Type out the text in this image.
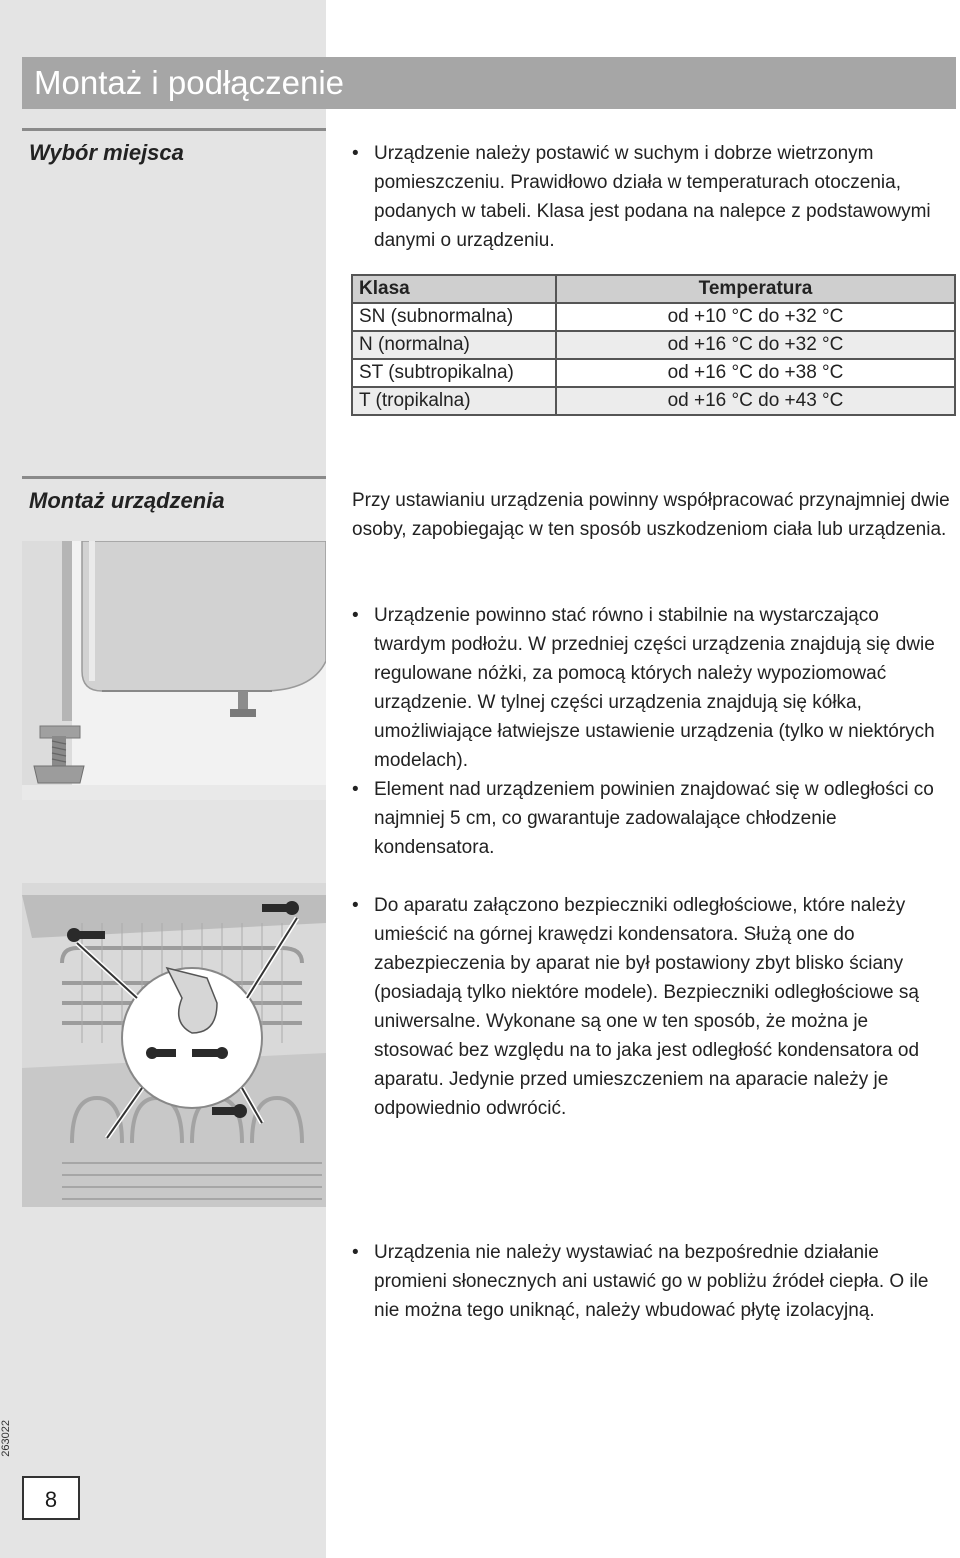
Montaż i podłączenie
Wybór miejsca	• Urządzenie należy postawić w suchym i dobrze wietrzonym pomieszczeniu. Prawidłowo działa w temperaturach otoczenia, podanych w tabeli. Klasa jest podana na nalepce z podstawowymi danymi o urządzeniu.
Klasa	Temperatura
SN (subnormalna)	od +10 °C do +32 °C
N (normalna)	od +16 °C do +32 °C
ST (subtropikalna)	od +16 °C do +38 °C
T (tropikalna)	od +16 °C do +43 °C
Montaż urządzenia	Przy ustawianiu urządzenia powinny współpracować przynajmniej dwie osoby, zapobiegając w ten sposób uszkodzeniom ciała lub urządzenia.

• Urządzenie powinno stać równo i stabilnie na wystarczająco twardym podłożu. W przedniej części urządzenia znajdują się dwie regulowane nóżki, za pomocą których należy wypoziomować urządzenie. W tylnej części urządzenia znajdują się kółka, umożliwiające łatwiejsze ustawienie urządzenia (tylko w niektórych modelach).
• Element nad urządzeniem powinien znajdować się w odległości co najmniej 5 cm, co gwarantuje zadowalające chłodzenie kondensatora.
• Do aparatu załączono bezpieczniki odległościowe, które należy umieścić na górnej krawędzi kondensatora. Służą one do zabezpieczenia by aparat nie był postawiony zbyt blisko ściany (posiadają tylko niektóre modele). Bezpieczniki odległościowe są uniwersalne. Wykonane są one w ten sposób, że można je stosować bez względu na to jaka jest odległość kondensatora od aparatu. Jedynie przed umieszczeniem na aparacie należy je odpowiednio odwrócić.
• Urządzenia nie należy wystawiać na bezpośrednie działanie promieni słonecznych ani ustawić go w pobliżu źródeł ciepła. O ile nie można tego uniknąć, należy wbudować płytę izolacyjną.
263022
8
